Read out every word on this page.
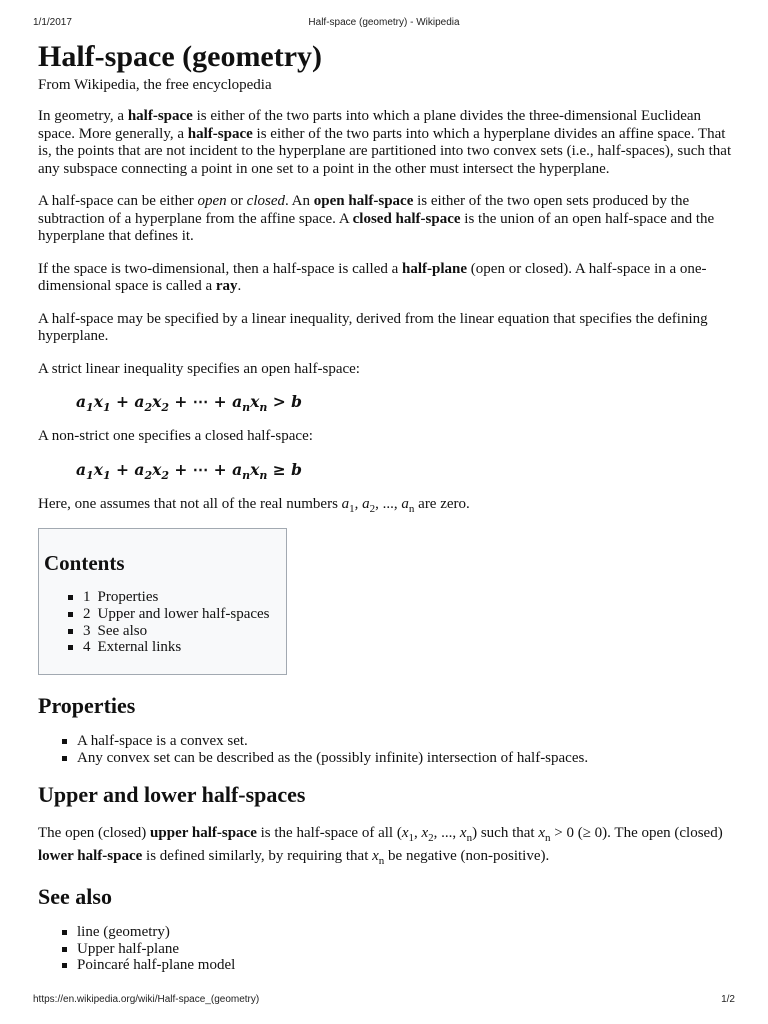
1/1/2017	Half-space (geometry) - Wikipedia
Half-space (geometry)
From Wikipedia, the free encyclopedia

In geometry, a half-space is either of the two parts into which a plane divides the three-dimensional Euclidean space. More generally, a half-space is either of the two parts into which a hyperplane divides an affine space. That is, the points that are not incident to the hyperplane are partitioned into two convex sets (i.e., half-spaces), such that any subspace connecting a point in one set to a point in the other must intersect the hyperplane.

A half-space can be either open or closed. An open half-space is either of the two open sets produced by the subtraction of a hyperplane from the affine space. A closed half-space is the union of an open half-space and the hyperplane that defines it.

If the space is two-dimensional, then a half-space is called a half-plane (open or closed). A half-space in a one-dimensional space is called a ray.

A half-space may be specified by a linear inequality, derived from the linear equation that specifies the defining hyperplane.

A strict linear inequality specifies an open half-space:

$a_1x_1 + a_2x_2$ + ⋯ + $a_nx_n > b$

A non-strict one specifies a closed half-space:

$a_1x_1 + a_2x_2$ + ⋯ + $a_nx_n \ge b$

Here, one assumes that not all of the real numbers $a_1$, $a_2$, ..., $a_n$ are zero.

Contents
1 Properties
2 Upper and lower half-spaces
3 See also
4 External links
Properties
A half-space is a convex set.
Any convex set can be described as the (possibly infinite) intersection of half-spaces.
Upper and lower half-spaces

The open (closed) upper half-space is the half-space of all ($x_1$, $x_2$, ..., $x_n$) such that $x_n > 0$ (≥ 0). The open (closed) lower half-space is defined similarly, by requiring that $x_n$ be negative (non-positive).

See also
line (geometry)
Upper half-plane
Poincaré half-plane model
https://en.wikipedia.org/wiki/Half-space_(geometry)	1/2
